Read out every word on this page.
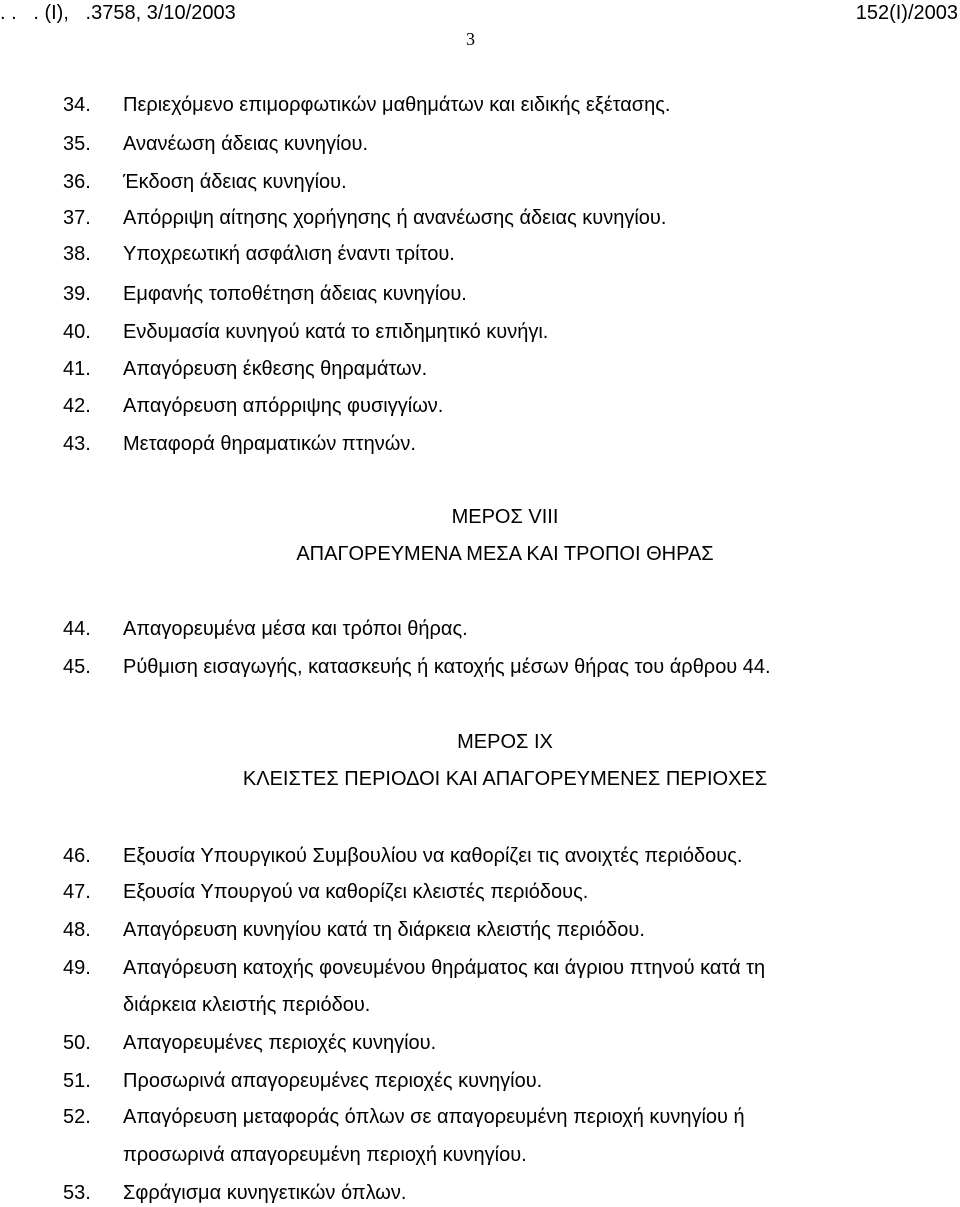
. .   . (I),   .3758, 3/10/2003	152(I)/2003
3
34. Περιεχόμενο επιμορφωτικών μαθημάτων και ειδικής εξέτασης.
35. Ανανέωση άδειας κυνηγίου.
36. Έκδοση άδειας κυνηγίου.
37. Απόρριψη αίτησης χορήγησης ή ανανέωσης άδειας κυνηγίου.
38. Υποχρεωτική ασφάλιση έναντι τρίτου.
39. Εμφανής τοποθέτηση άδειας κυνηγίου.
40. Ενδυμασία κυνηγού κατά το επιδημητικό κυνήγι.
41. Απαγόρευση έκθεσης θηραμάτων.
42. Απαγόρευση απόρριψης φυσιγγίων.
43. Μεταφορά θηραματικών πτηνών.
ΜΕΡΟΣ VIII
ΑΠΑΓΟΡΕΥΜΕΝΑ ΜΕΣΑ ΚΑΙ ΤΡΟΠΟΙ ΘΗΡΑΣ
44. Απαγορευμένα μέσα και τρόποι θήρας.
45. Ρύθμιση εισαγωγής, κατασκευής ή κατοχής μέσων θήρας του άρθρου 44.
ΜΕΡΟΣ IX
ΚΛΕΙΣΤΕΣ ΠΕΡΙΟΔΟΙ ΚΑΙ ΑΠΑΓΟΡΕΥΜΕΝΕΣ ΠΕΡΙΟΧΕΣ
46. Εξουσία Υπουργικού Συμβουλίου να καθορίζει τις ανοιχτές περιόδους.
47. Εξουσία Υπουργού να καθορίζει κλειστές περιόδους.
48. Απαγόρευση κυνηγίου κατά τη διάρκεια κλειστής περιόδου.
49. Απαγόρευση κατοχής φονευμένου θηράματος και άγριου πτηνού κατά τη
διάρκεια κλειστής περιόδου.
50. Απαγορευμένες περιοχές κυνηγίου.
51. Προσωρινά απαγορευμένες περιοχές κυνηγίου.
52. Απαγόρευση μεταφοράς όπλων σε απαγορευμένη περιοχή κυνηγίου ή
προσωρινά απαγορευμένη περιοχή κυνηγίου.
53. Σφράγισμα κυνηγετικών όπλων.
